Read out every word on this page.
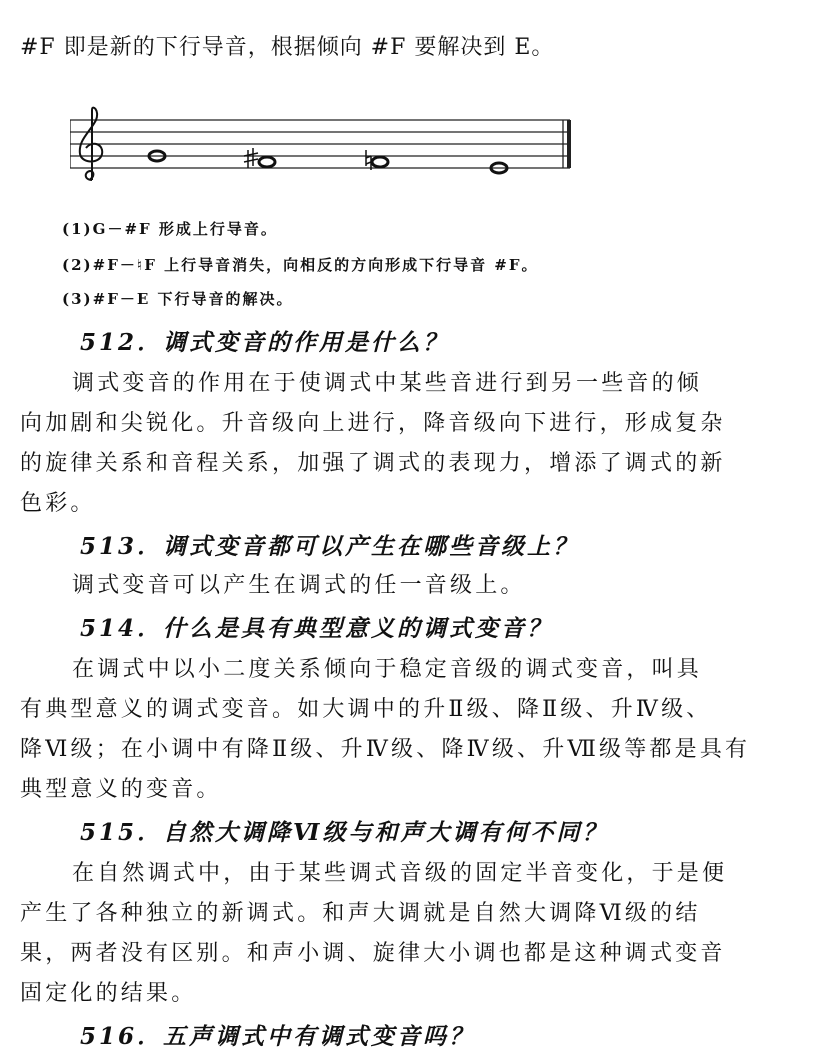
#F 即是新的下行导音，根据倾向 #F 要解决到 E。
(1)G－#F 形成上行导音。
(2)#F－♮F 上行导音消失，向相反的方向形成下行导音 #F。
(3)#F－E 下行导音的解决。
512．调式变音的作用是什么？
调式变音的作用在于使调式中某些音进行到另一些音的倾
向加剧和尖锐化。升音级向上进行，降音级向下进行，形成复杂
的旋律关系和音程关系，加强了调式的表现力，增添了调式的新
色彩。
513．调式变音都可以产生在哪些音级上？
调式变音可以产生在调式的任一音级上。
514．什么是具有典型意义的调式变音？
在调式中以小二度关系倾向于稳定音级的调式变音，叫具
有典型意义的调式变音。如大调中的升Ⅱ级、降Ⅱ级、升Ⅳ级、
降Ⅵ级；在小调中有降Ⅱ级、升Ⅳ级、降Ⅳ级、升Ⅶ级等都是具有
典型意义的变音。
515．自然大调降Ⅵ级与和声大调有何不同？
在自然调式中，由于某些调式音级的固定半音变化，于是便
产生了各种独立的新调式。和声大调就是自然大调降Ⅵ级的结
果，两者没有区别。和声小调、旋律大小调也都是这种调式变音
固定化的结果。
516．五声调式中有调式变音吗？
